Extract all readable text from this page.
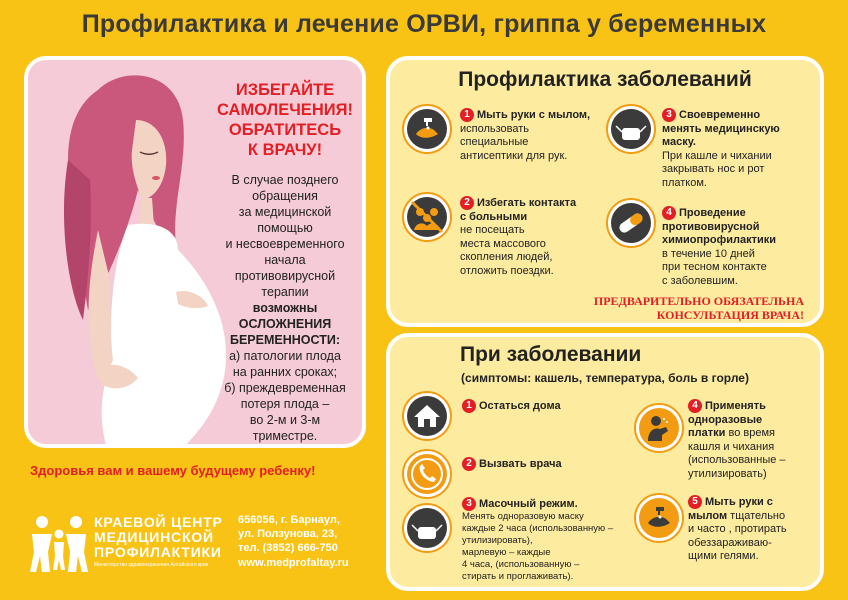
Профилактика и лечение ОРВИ, гриппа у беременных
ИЗБЕГАЙТЕ
САМОЛЕЧЕНИЯ!
ОБРАТИТЕСЬ
К ВРАЧУ!
В случае позднего
обращения
за медицинской
помощью
и несвоевременного
начала
противовирусной
терапии
возможны
ОСЛОЖНЕНИЯ
БЕРЕМЕННОСТИ:
а) патологии плода
на ранних сроках;
б) преждевременная
потеря плода –
во 2-м и 3-м
триместре.
Здоровья вам и вашему будущему ребенку!
КРАЕВОЙ ЦЕНТР
МЕДИЦИНСКОЙ
ПРОФИЛАКТИКИ
Министерство здравоохранения Алтайского края
656056, г. Барнаул,
ул. Ползунова, 23,
тел. (3852) 666-750
www.medprofaltay.ru
Профилактика заболеваний
1 Мыть руки с мылом,
использовать
специальные
антисептики для рук.
3 Своевременно
менять медицинскую
маску.
При кашле и чихании
закрывать нос и рот
платком.
2 Избегать контакта
с больными
не посещать
места массового
скопления людей,
отложить поездки.
4 Проведение
противовирусной
химиопрофилактики
в течение 10 дней
при тесном контакте
с заболевшим.
ПРЕДВАРИТЕЛЬНО ОБЯЗАТЕЛЬНА
КОНСУЛЬТАЦИЯ ВРАЧА!
При заболевании
(симптомы: кашель, температура, боль в горле)
1 Остаться дома
2 Вызвать врача
3 Масочный режим.
Менять одноразовую маску
каждые 2 часа (использованную –
утилизировать),
марлевую – каждые
4 часа, (использованную –
стирать и проглаживать).
4 Применять
одноразовые
платки во время
кашля и чихания
(использованные –
утилизировать)
5 Мыть руки с
мылом тщательно
и часто , протирать
обеззараживаю-
щими гелями.
